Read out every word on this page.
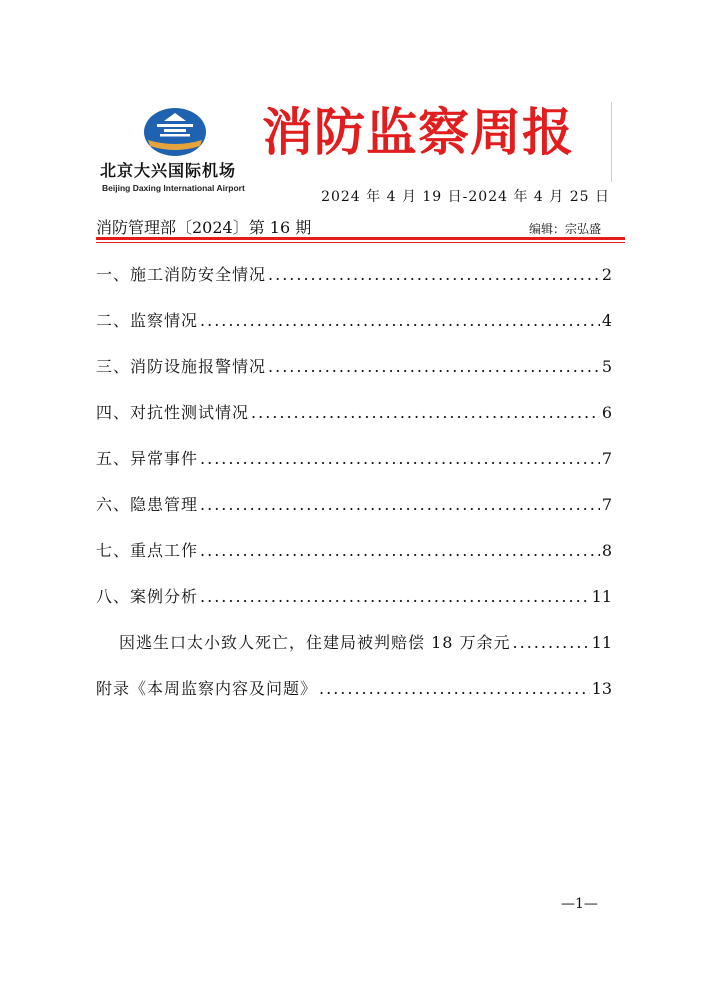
北京大兴国际机场
Beijing Daxing International Airport
消防监察周报
2024 年 4 月 19 日-2024 年 4 月 25 日
消防管理部〔2024〕第 16 期	编辑：宗弘盛
一、施工消防安全情况 .....	2
二、监察情况 .....	4
三、消防设施报警情况 .....	5
四、对抗性测试情况 .....	6
五、异常事件 .....	7
六、隐患管理 .....	7
七、重点工作 .....	8
八、案例分析 .....	11
因逃生口太小致人死亡，住建局被判赔偿 18 万余元 .....	11
附录《本周监察内容及问题》 .....	13
—1—
